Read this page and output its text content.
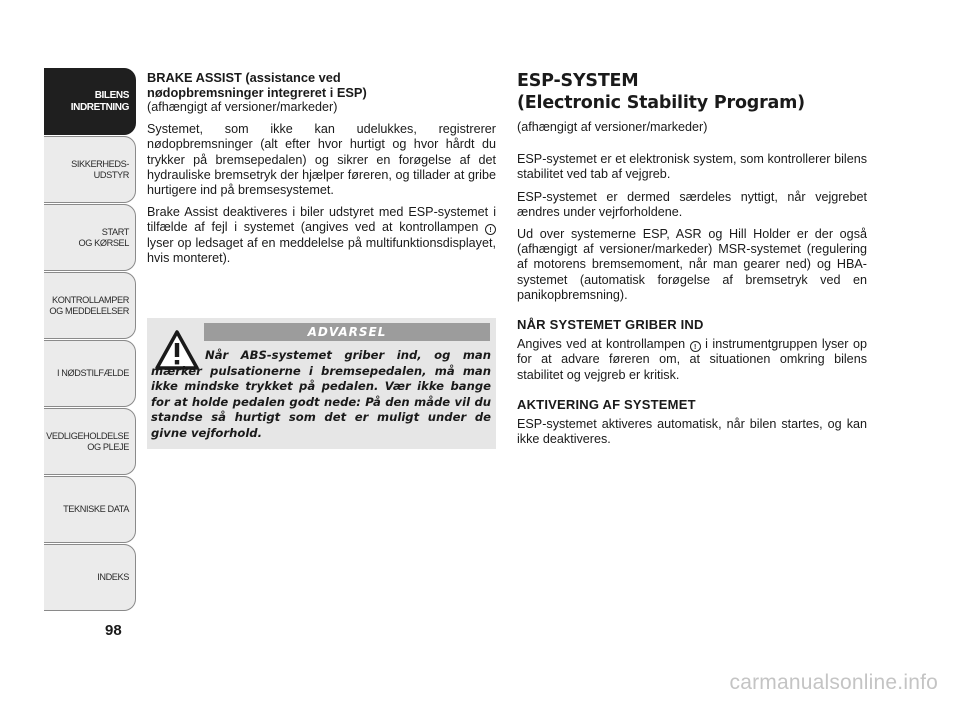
BILENS
INDRETNING
SIKKERHEDS-
UDSTYR
START
OG KØRSEL
KONTROLLAMPER
OG MEDDELELSER
I NØDSTILFÆLDE
VEDLIGEHOLDELSE
OG PLEJE
TEKNISKE DATA
INDEKS
98
BRAKE ASSIST (assistance ved
nødopbremsninger integreret i ESP)
(afhængigt af versioner/markeder)

Systemet, som ikke kan udelukkes, registrerer nødopbremsninger (alt efter hvor hurtigt og hvor hårdt du trykker på bremsepedalen) og sikrer en forøgelse af det hydrauliske bremsetryk der hjælper føreren, og tillader at gribe hurtigere ind på bremsesystemet.

Brake Assist deaktiveres i biler udstyret med ESP-systemet i tilfælde af fejl i systemet (angives ved at kontrollampen ! lyser op ledsaget af en meddelelse på multifunktionsdisplayet, hvis monteret).

ADVARSEL
Når ABS-systemet griber ind, og man mærker pulsationerne i bremsepedalen, må man ikke mindske trykket på pedalen. Vær ikke bange for at holde pedalen godt nede: På den måde vil du standse så hurtigt som det er muligt under de givne vejforhold.
ESP-SYSTEM
(Electronic Stability Program)
(afhængigt af versioner/markeder)

ESP-systemet er et elektronisk system, som kontrollerer bilens stabilitet ved tab af vejgreb.

ESP-systemet er dermed særdeles nyttigt, når vejgrebet ændres under vejrforholdene.

Ud over systemerne ESP, ASR og Hill Holder er der også (afhængigt af versioner/markeder) MSR-systemet (regulering af motorens bremsemoment, når man gearer ned) og HBA-systemet (automatisk forøgelse af bremsetryk ved en panikopbremsning).

NÅR SYSTEMET GRIBER IND

Angives ved at kontrollampen ! i instrumentgruppen lyser op for at advare føreren om, at situationen omkring bilens stabilitet og vejgreb er kritisk.

AKTIVERING AF SYSTEMET

ESP-systemet aktiveres automatisk, når bilen startes, og kan ikke deaktiveres.

carmanualsonline.info
